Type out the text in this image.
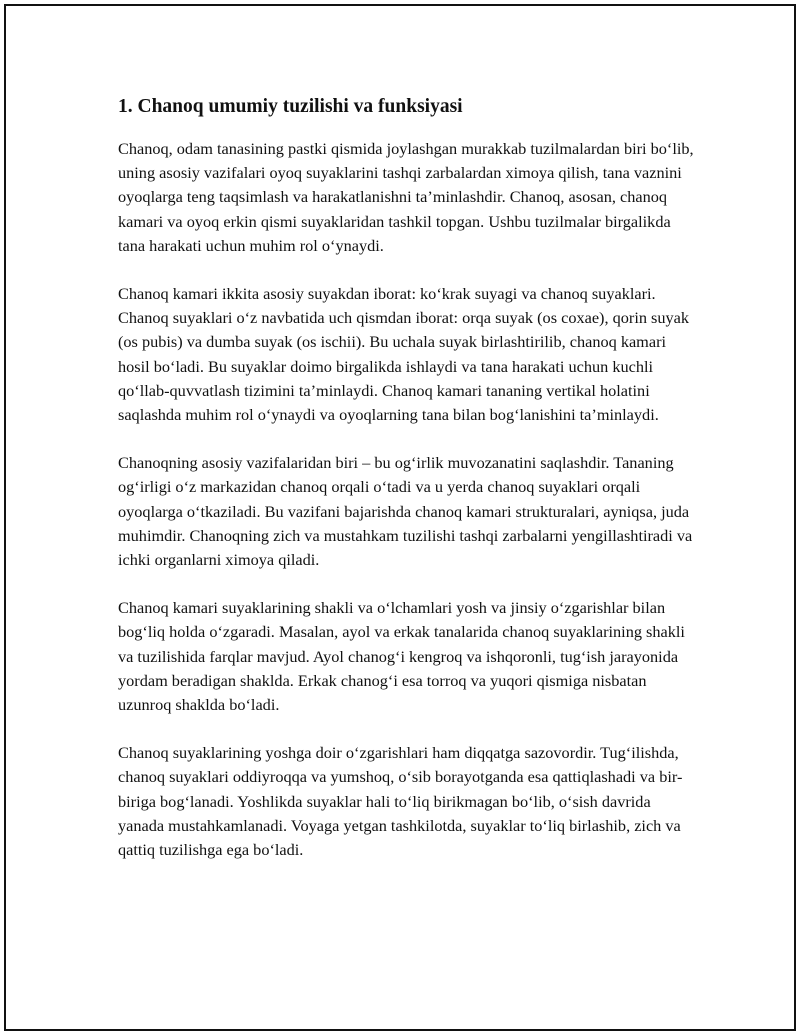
1. Chanoq umumiy tuzilishi va funksiyasi

Chanoq, odam tanasining pastki qismida joylashgan murakkab tuzilmalardan biri bo‘lib, uning asosiy vazifalari oyoq suyaklarini tashqi zarbalardan ximoya qilish, tana vaznini oyoqlarga teng taqsimlash va harakatlanishni ta’minlashdir. Chanoq, asosan, chanoq kamari va oyoq erkin qismi suyaklaridan tashkil topgan. Ushbu tuzilmalar birgalikda tana harakati uchun muhim rol o‘ynaydi.

Chanoq kamari ikkita asosiy suyakdan iborat: ko‘krak suyagi va chanoq suyaklari. Chanoq suyaklari o‘z navbatida uch qismdan iborat: orqa suyak (os coxae), qorin suyak (os pubis) va dumba suyak (os ischii). Bu uchala suyak birlashtirilib, chanoq kamari hosil bo‘ladi. Bu suyaklar doimo birgalikda ishlaydi va tana harakati uchun kuchli qo‘llab-quvvatlash tizimini ta’minlaydi. Chanoq kamari tananing vertikal holatini saqlashda muhim rol o‘ynaydi va oyoqlarning tana bilan bog‘lanishini ta’minlaydi.

Chanoqning asosiy vazifalaridan biri – bu og‘irlik muvozanatini saqlashdir. Tananing og‘irligi o‘z markazidan chanoq orqali o‘tadi va u yerda chanoq suyaklari orqali oyoqlarga o‘tkaziladi. Bu vazifani bajarishda chanoq kamari strukturalari, ayniqsa, juda muhimdir. Chanoqning zich va mustahkam tuzilishi tashqi zarbalarni yengillashtiradi va ichki organlarni ximoya qiladi.

Chanoq kamari suyaklarining shakli va o‘lchamlari yosh va jinsiy o‘zgarishlar bilan bog‘liq holda o‘zgaradi. Masalan, ayol va erkak tanalarida chanoq suyaklarining shakli va tuzilishida farqlar mavjud. Ayol chanog‘i kengroq va ishqoronli, tug‘ish jarayonida yordam beradigan shaklda. Erkak chanog‘i esa torroq va yuqori qismiga nisbatan uzunroq shaklda bo‘ladi.

Chanoq suyaklarining yoshga doir o‘zgarishlari ham diqqatga sazovordir. Tug‘ilishda, chanoq suyaklari oddiyroqqa va yumshoq, o‘sib borayotganda esa qattiqlashadi va bir-biriga bog‘lanadi. Yoshlikda suyaklar hali to‘liq birikmagan bo‘lib, o‘sish davrida yanada mustahkamlanadi. Voyaga yetgan tashkilotda, suyaklar to‘liq birlashib, zich va qattiq tuzilishga ega bo‘ladi.
